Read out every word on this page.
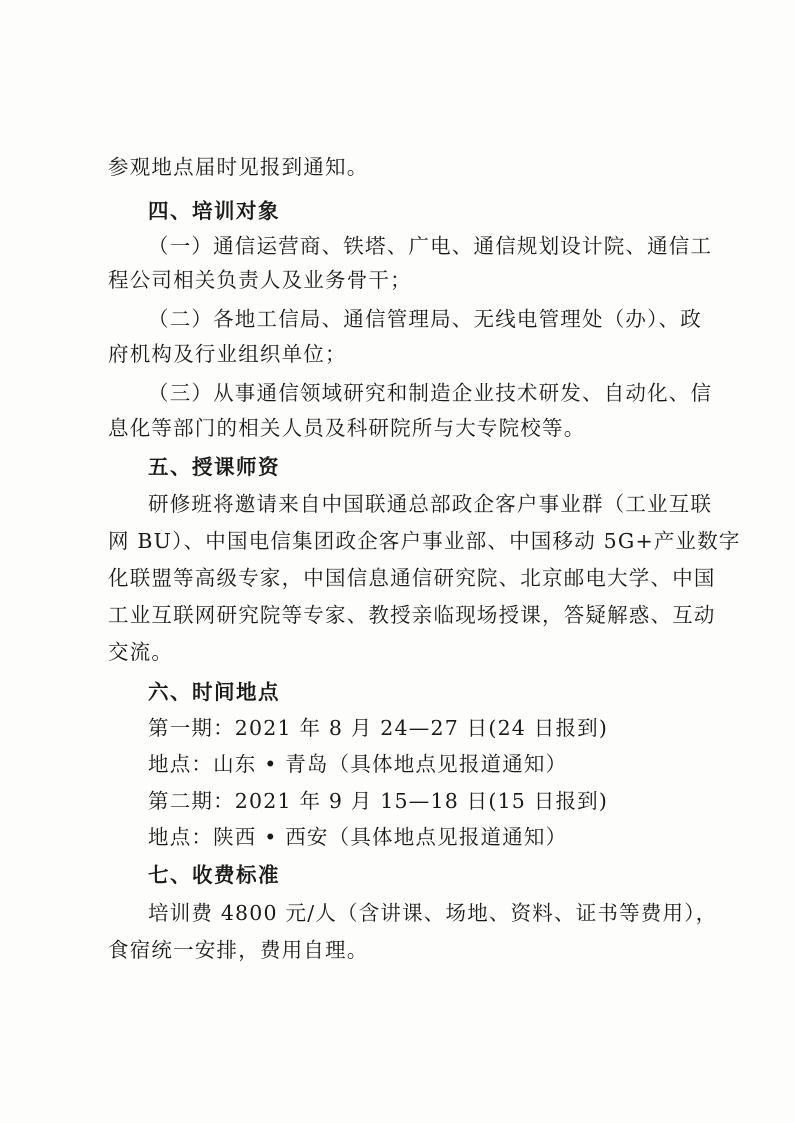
参观地点届时见报到通知。
四、培训对象
（一）通信运营商、铁塔、广电、通信规划设计院、通信工
程公司相关负责人及业务骨干；
（二）各地工信局、通信管理局、无线电管理处（办）、政
府机构及行业组织单位；
（三）从事通信领域研究和制造企业技术研发、自动化、信
息化等部门的相关人员及科研院所与大专院校等。
五、授课师资
研修班将邀请来自中国联通总部政企客户事业群（工业互联
网 BU）、中国电信集团政企客户事业部、中国移动 5G+产业数字
化联盟等高级专家，中国信息通信研究院、北京邮电大学、中国
工业互联网研究院等专家、教授亲临现场授课，答疑解惑、互动
交流。
六、时间地点
第一期：2021 年 8 月 24—27 日(24 日报到)
地点：山东 • 青岛（具体地点见报道通知）
第二期：2021 年 9 月 15—18 日(15 日报到)
地点：陕西 • 西安（具体地点见报道通知）
七、收费标准
培训费 4800 元/人（含讲课、场地、资料、证书等费用），
食宿统一安排，费用自理。
